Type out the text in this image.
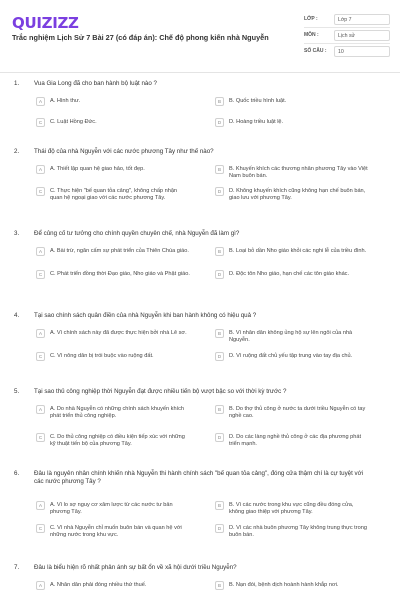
QUIZIZZ
Trắc nghiệm Lịch Sử 7 Bài 27 (có đáp án): Chế độ phong kiến nhà Nguyễn
LỚP :	Lớp 7
MÔN :	Lịch sử
SỐ CÂU :	10
1. Vua Gia Long đã cho ban hành bộ luật nào ?
A	A. Hình thư.	B	B. Quốc triều hình luật.
C	C. Luật Hồng Đức.	D	D. Hoàng triều luật lệ.
2. Thái độ của nhà Nguyễn với các nước phương Tây như thế nào?
A	A. Thiết lập quan hệ giao hảo, tốt đẹp.	B	B. Khuyến khích các thương nhân phương Tây vào Việt Nam buôn bán.
C	C. Thực hiện "bế quan tỏa cảng", không chấp nhận quan hệ ngoại giao với các nước phương Tây.
D	D. Không khuyến khích cũng không hạn chế buôn bán, giao lưu với phương Tây.
3. Để củng cố tư tưởng cho chính quyền chuyên chế, nhà Nguyễn đã làm gì?
A	A. Bài trừ, ngăn cấm sự phát triển của Thiên Chúa giáo.	B	B. Loại bỏ dần Nho giáo khỏi các nghi lễ của triều đình.
C	C. Phát triển đồng thời Đạo giáo, Nho giáo và Phật giáo.	D	D. Độc tôn Nho giáo, hạn chế các tôn giáo khác.
4. Tại sao chính sách quân điền của nhà Nguyễn khi ban hành không có hiệu quả ?
A	A. Vì chính sách này đã được thực hiện bởi nhà Lê sơ.	B	B. Vì nhân dân không ủng hộ sự lên ngôi của nhà Nguyễn.
C	C. Vì nông dân bị trói buộc vào ruộng đất.	D	D. Vì ruộng đất chủ yếu tập trung vào tay địa chủ.
5. Tại sao thủ công nghiệp thời Nguyễn đạt được nhiều tiến bộ vượt bậc so với thời kỳ trước ?
A	A. Do nhà Nguyễn có những chính sách khuyến khích phát triển thủ công nghiệp.
B	B. Do thợ thủ công ở nước ta dưới triều Nguyễn có tay nghề cao.
C	C. Do thủ công nghiệp có điều kiện tiếp xúc với những kỹ thuật tiến bộ của phương Tây.
D	D. Do các làng nghề thủ công ở các địa phương phát triển mạnh.
6. Đâu là nguyên nhân chính khiến nhà Nguyễn thi hành chính sách "bế quan tỏa cảng", đóng cửa thậm chí là cự tuyệt với các nước phương Tây ?
A	A. Vì lo sợ nguy cơ xâm lược từ các nước tư bản phương Tây.
B	B. Vì các nước trong khu vực cũng đều đóng cửa, không giao thiệp với phương Tây.
C	C. Vì nhà Nguyễn chỉ muốn buôn bán và quan hệ với những nước trong khu vực.
D	D. Vì các nhà buôn phương Tây không trung thực trong buôn bán.
7. Đâu là biểu hiện rõ nhất phản ánh sự bất ổn về xã hội dưới triều Nguyễn?
A	A. Nhân dân phải đóng nhiều thứ thuế.	B	B. Nạn đói, bệnh dịch hoành hành khắp nơi.
